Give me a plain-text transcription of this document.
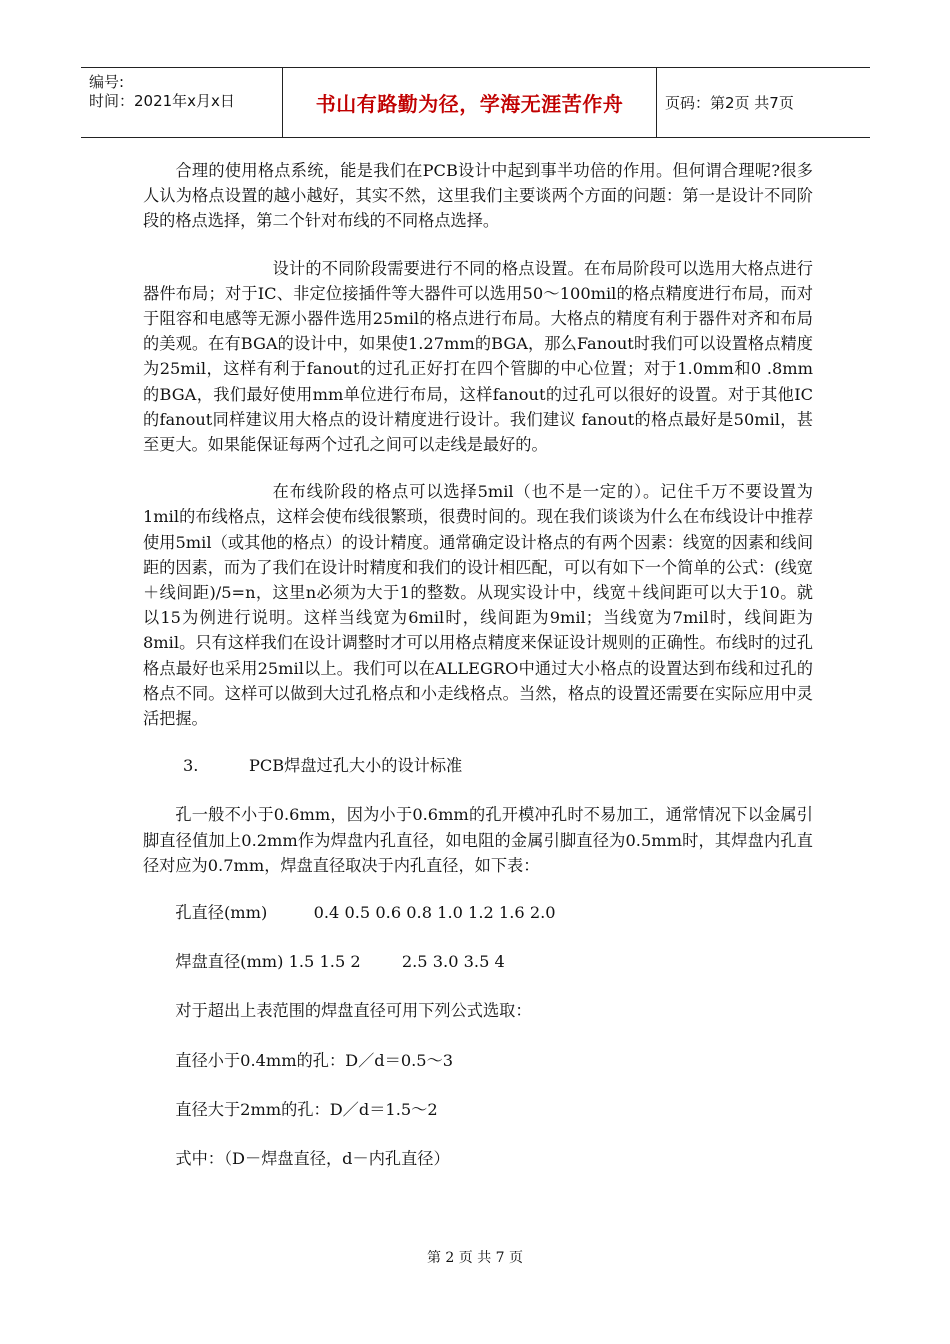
编号:
时间：2021年x月x日	书山有路勤为径，学海无涯苦作舟	页码：第2页 共7页

合理的使用格点系统，能是我们在PCB设计中起到事半功倍的作用。但何谓合理呢?很多人认为格点设置的越小越好，其实不然，这里我们主要谈两个方面的问题：第一是设计不同阶段的格点选择，第二个针对布线的不同格点选择。

设计的不同阶段需要进行不同的格点设置。在布局阶段可以选用大格点进行器件布局；对于IC、非定位接插件等大器件可以选用50～100mil的格点精度进行布局，而对于阻容和电感等无源小器件选用25mil的格点进行布局。大格点的精度有利于器件对齐和布局的美观。在有BGA的设计中，如果使1.27mm的BGA，那么Fanout时我们可以设置格点精度为25mil，这样有利于fanout的过孔正好打在四个管脚的中心位置；对于1.0mm和0 .8mm的BGA，我们最好使用mm单位进行布局，这样fanout的过孔可以很好的设置。对于其他IC的fanout同样建议用大格点的设计精度进行设计。我们建议 fanout的格点最好是50mil，甚至更大。如果能保证每两个过孔之间可以走线是最好的。

在布线阶段的格点可以选择5mil（也不是一定的）。记住千万不要设置为1mil的布线格点，这样会使布线很繁琐，很费时间的。现在我们谈谈为什么在布线设计中推荐使用5mil（或其他的格点）的设计精度。通常确定设计格点的有两个因素：线宽的因素和线间距的因素，而为了我们在设计时精度和我们的设计相匹配，可以有如下一个简单的公式：(线宽＋线间距)/5=n，这里n必须为大于1的整数。从现实设计中，线宽＋线间距可以大于10。就以15为例进行说明。这样当线宽为6mil时，线间距为9mil；当线宽为7mil时，线间距为8mil。只有这样我们在设计调整时才可以用格点精度来保证设计规则的正确性。布线时的过孔格点最好也采用25mil以上。我们可以在ALLEGRO中通过大小格点的设置达到布线和过孔的格点不同。这样可以做到大过孔格点和小走线格点。当然，格点的设置还需要在实际应用中灵活把握。

3.	PCB焊盘过孔大小的设计标准

孔一般不小于0.6mm，因为小于0.6mm的孔开模冲孔时不易加工，通常情况下以金属引脚直径值加上0.2mm作为焊盘内孔直径，如电阻的金属引脚直径为0.5mm时，其焊盘内孔直径对应为0.7mm，焊盘直径取决于内孔直径，如下表：

孔直径(mm)         0.4 0.5 0.6 0.8 1.0 1.2 1.6 2.0
焊盘直径(mm) 1.5 1.5 2        2.5 3.0 3.5 4
对于超出上表范围的焊盘直径可用下列公式选取：
直径小于0.4mm的孔：D／d＝0.5～3
直径大于2mm的孔：D／d＝1.5～2
式中：（D－焊盘直径，d－内孔直径）
第 2 页 共 7 页
